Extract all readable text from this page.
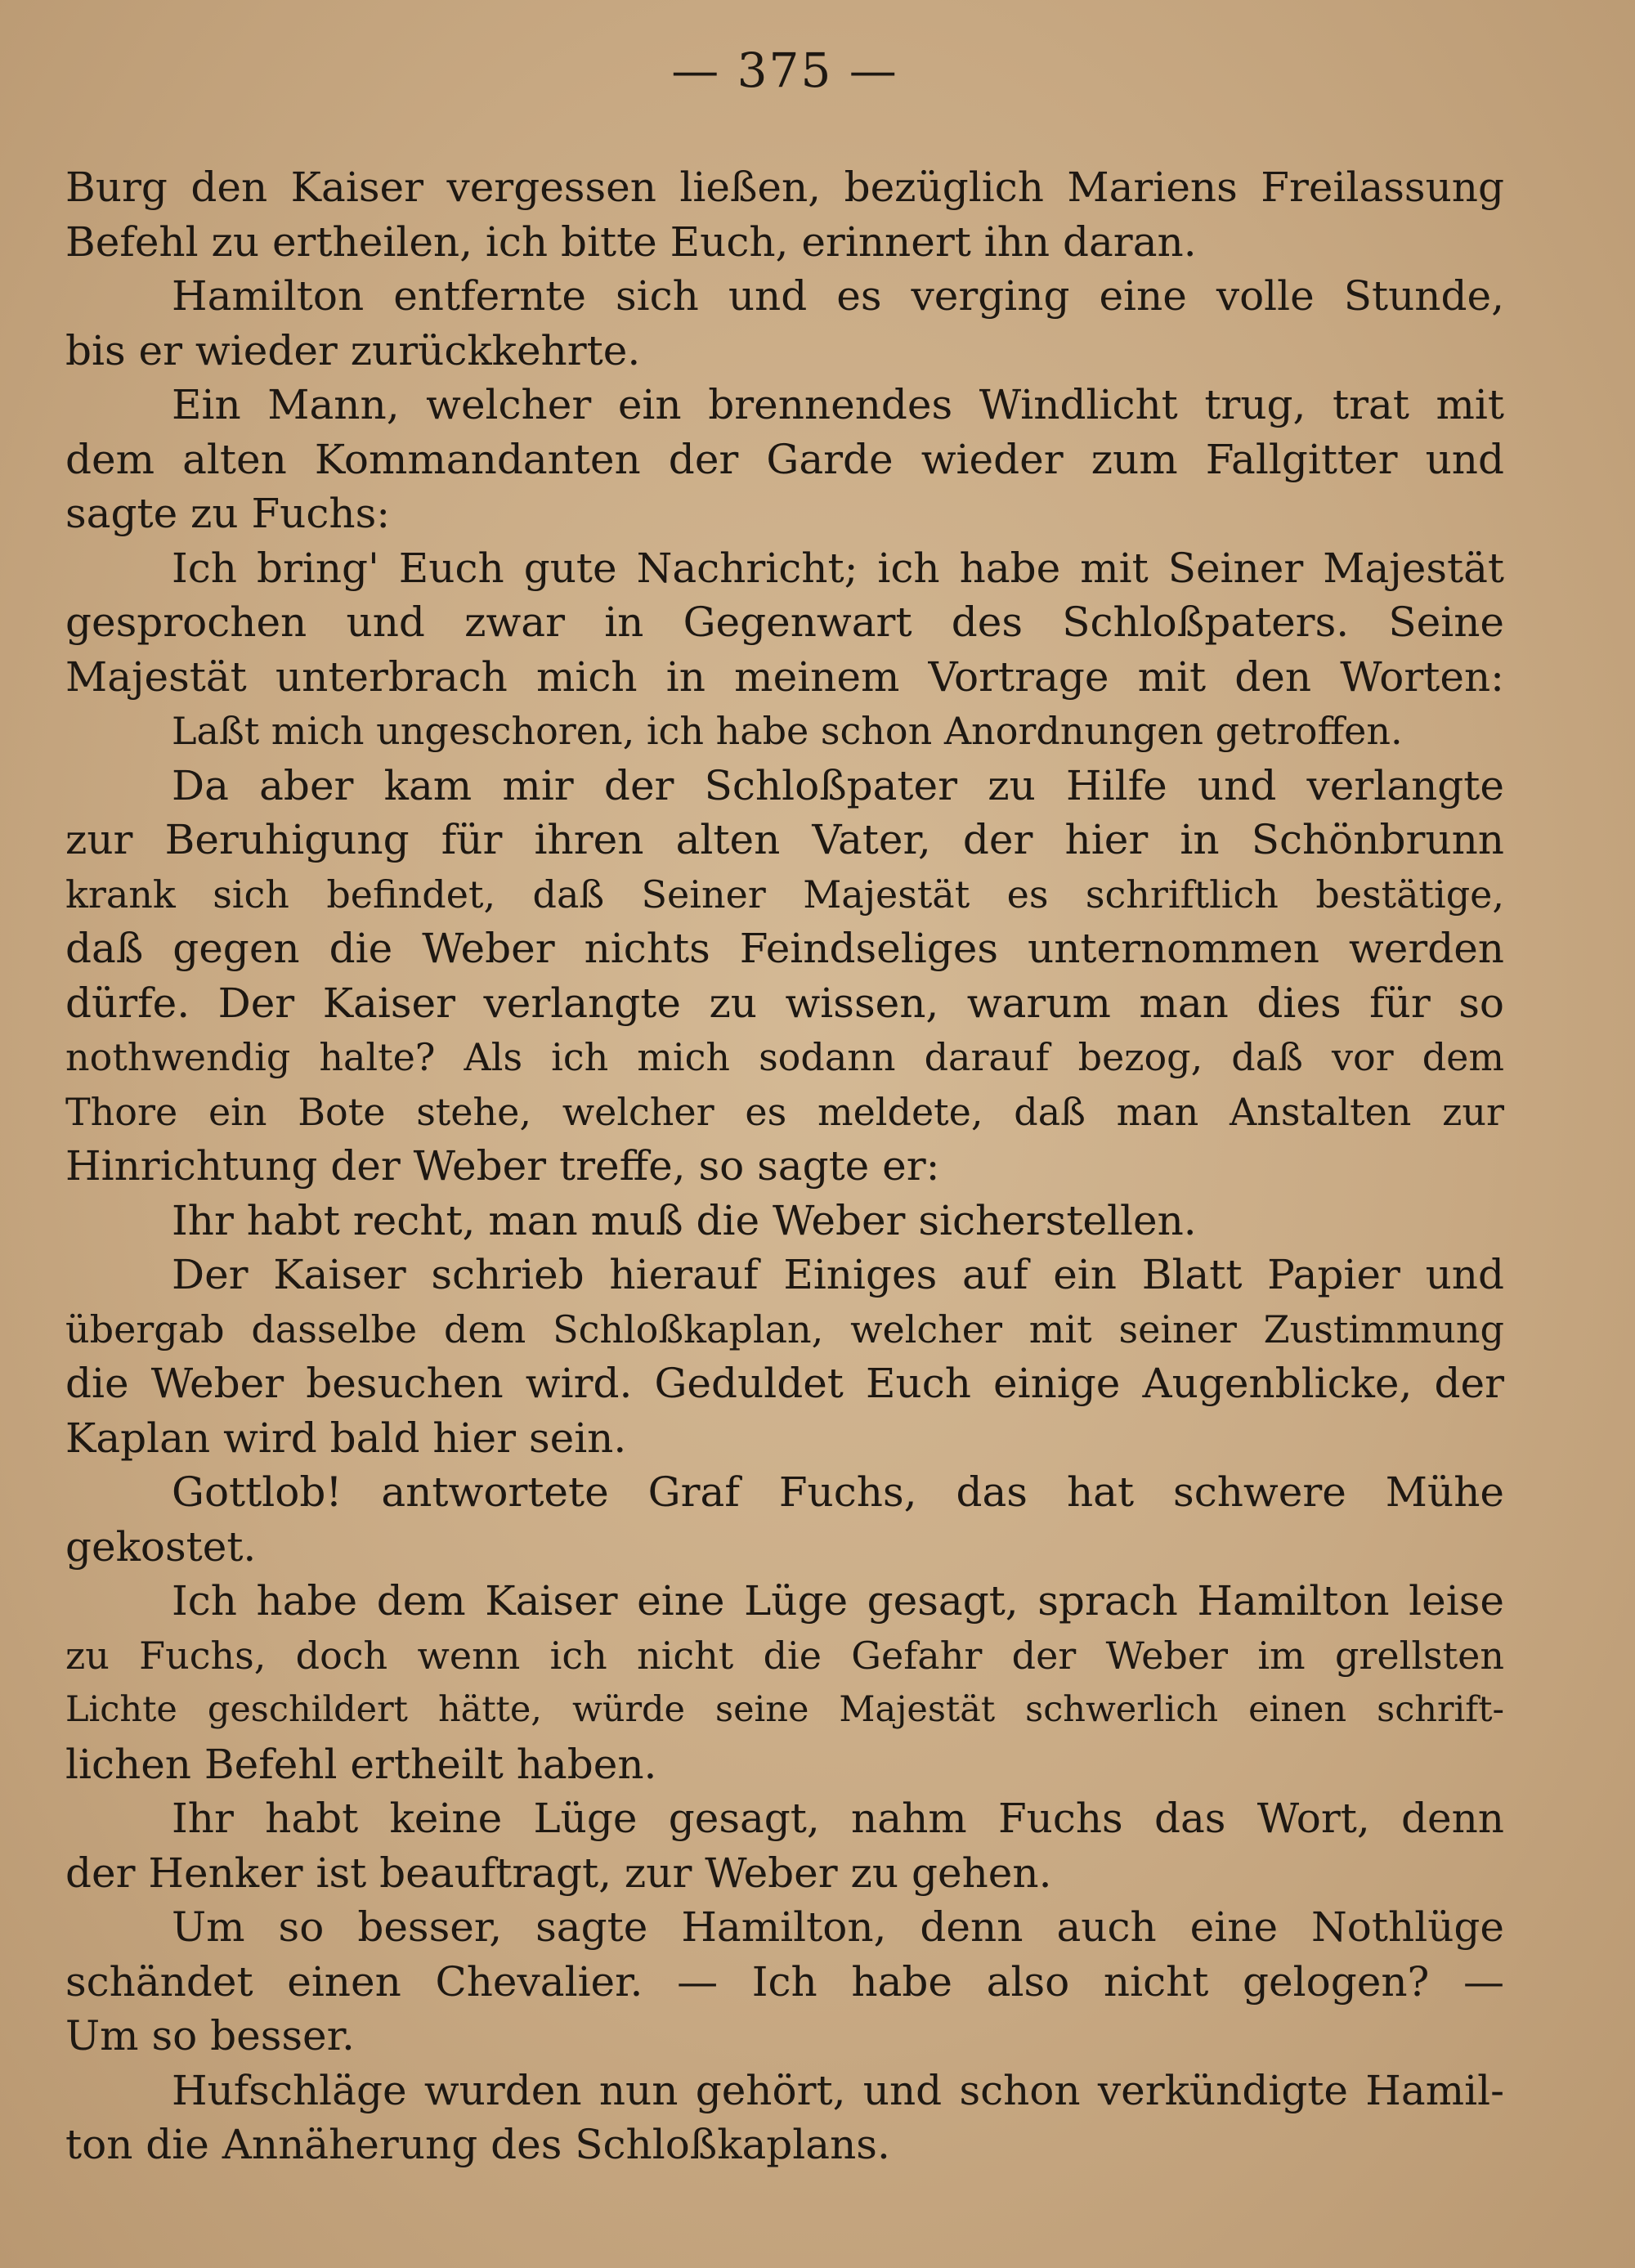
— 375 —
Burg den Kaiser vergessen ließen, bezüglich Mariens Freilassung
Befehl zu ertheilen, ich bitte Euch, erinnert ihn daran.
Hamilton entfernte sich und es verging eine volle Stunde,
bis er wieder zurückkehrte.
Ein Mann, welcher ein brennendes Windlicht trug, trat mit
dem alten Kommandanten der Garde wieder zum Fallgitter und
sagte zu Fuchs:
Ich bring' Euch gute Nachricht; ich habe mit Seiner Majestät
gesprochen und zwar in Gegenwart des Schloßpaters. Seine
Majestät unterbrach mich in meinem Vortrage mit den Worten:
Laßt mich ungeschoren, ich habe schon Anordnungen getroffen.
Da aber kam mir der Schloßpater zu Hilfe und verlangte
zur Beruhigung für ihren alten Vater, der hier in Schönbrunn
krank sich befindet, daß Seiner Majestät es schriftlich bestätige,
daß gegen die Weber nichts Feindseliges unternommen werden
dürfe. Der Kaiser verlangte zu wissen, warum man dies für so
nothwendig halte? Als ich mich sodann darauf bezog, daß vor dem
Thore ein Bote stehe, welcher es meldete, daß man Anstalten zur
Hinrichtung der Weber treffe, so sagte er:
Ihr habt recht, man muß die Weber sicherstellen.
Der Kaiser schrieb hierauf Einiges auf ein Blatt Papier und
übergab dasselbe dem Schloßkaplan, welcher mit seiner Zustimmung
die Weber besuchen wird. Geduldet Euch einige Augenblicke, der
Kaplan wird bald hier sein.
Gottlob! antwortete Graf Fuchs, das hat schwere Mühe
gekostet.
Ich habe dem Kaiser eine Lüge gesagt, sprach Hamilton leise
zu Fuchs, doch wenn ich nicht die Gefahr der Weber im grellsten
Lichte geschildert hätte, würde seine Majestät schwerlich einen schrift-
lichen Befehl ertheilt haben.
Ihr habt keine Lüge gesagt, nahm Fuchs das Wort, denn
der Henker ist beauftragt, zur Weber zu gehen.
Um so besser, sagte Hamilton, denn auch eine Nothlüge
schändet einen Chevalier. — Ich habe also nicht gelogen? —
Um so besser.
Hufschläge wurden nun gehört, und schon verkündigte Hamil-
ton die Annäherung des Schloßkaplans.
